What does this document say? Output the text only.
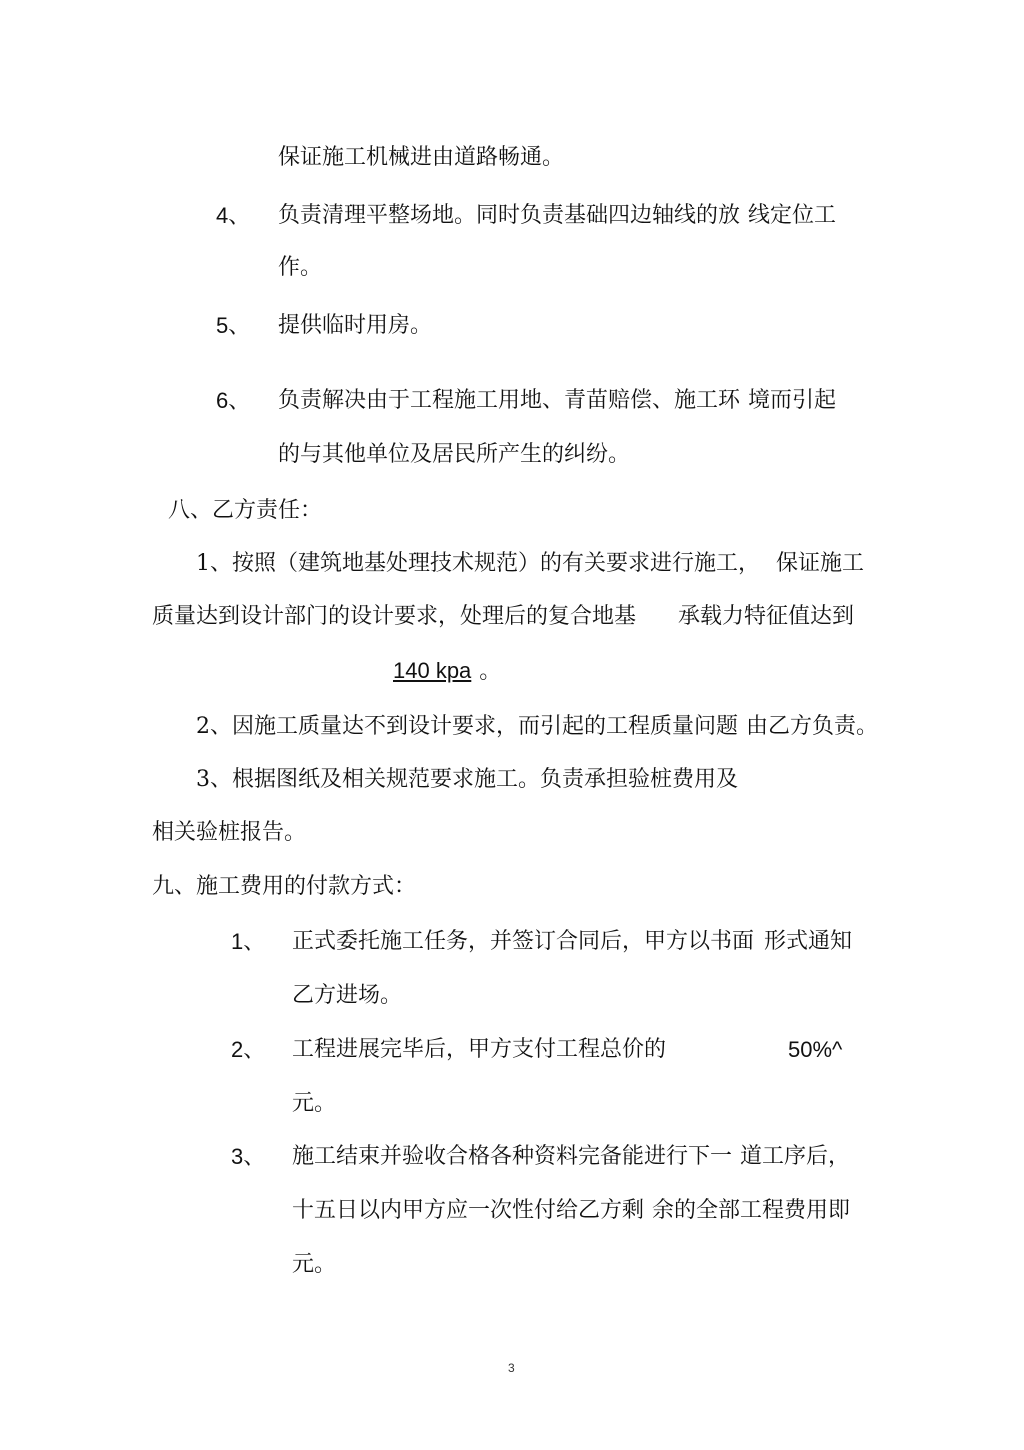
保证施工机械进由道路畅通。
4、 负责清理平整场地。同时负责基础四边轴线的放 线定位工
作。
5、 提供临时用房。
6、 负责解决由于工程施工用地、青苗赔偿、施工环 境而引起
的与其他单位及居民所产生的纠纷。
八、乙方责任：
1、按照（建筑地基处理技术规范）的有关要求进行施工， 保证施工
质量达到设计部门的设计要求，处理后的复合地基 承载力特征值达到
140 kpa 。
2、因施工质量达不到设计要求，而引起的工程质量问题 由乙方负责。
3、根据图纸及相关规范要求施工。负责承担验桩费用及
相关验桩报告。
九、施工费用的付款方式：
1、 正式委托施工任务，并签订合同后，甲方以书面 形式通知
乙方进场。
2、 工程进展完毕后，甲方支付工程总价的	50%^
元。
3、 施工结束并验收合格各种资料完备能进行下一 道工序后，
十五日以内甲方应一次性付给乙方剩 余的全部工程费用即
元。
3
